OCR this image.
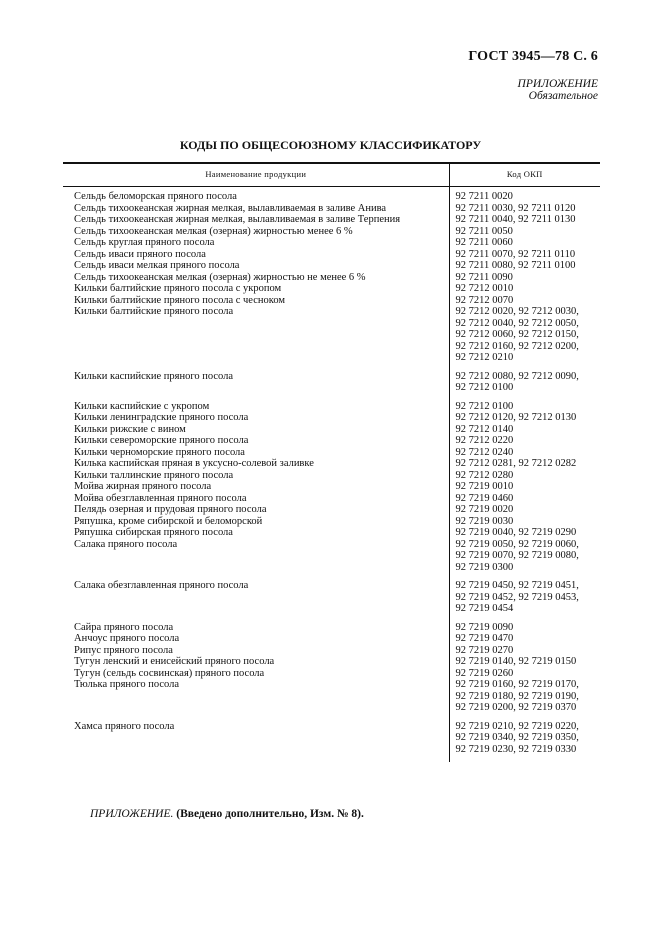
ГОСТ 3945—78 С. 6
ПРИЛОЖЕНИЕ
Обязательное
КОДЫ ПО ОБЩЕСОЮЗНОМУ КЛАССИФИКАТОРУ
Наименование продукции	Код ОКП
Сельдь беломорская пряного посола	92 7211 0020

Сельдь тихоокеанская жирная мелкая, вылавливаемая в заливе Анива	92 7211 0030, 92 7211 0120

Сельдь тихоокеанская жирная мелкая, вылавливаемая в заливе Терпения	92 7211 0040, 92 7211 0130

Сельдь тихоокеанская мелкая (озерная) жирностью менее 6 %	92 7211 0050

Сельдь круглая пряного посола	92 7211 0060

Сельдь иваси пряного посола	92 7211 0070, 92 7211 0110

Сельдь иваси мелкая пряного посола	92 7211 0080, 92 7211 0100

Сельдь тихоокеанская мелкая (озерная) жирностью не менее 6 %	92 7211 0090

Кильки балтийские пряного посола с укропом	92 7212 0010

Кильки балтийские пряного посола с чесноком	92 7212 0070

Кильки балтийские пряного посола	92 7212 0020, 92 7212 0030,
92 7212 0040, 92 7212 0050,
92 7212 0060, 92 7212 0150,
92 7212 0160, 92 7212 0200,
92 7212 0210

Кильки каспийские пряного посола	92 7212 0080, 92 7212 0090,
92 7212 0100

Кильки каспийские с укропом	92 7212 0100

Кильки ленинградские пряного посола	92 7212 0120, 92 7212 0130

Кильки рижские с вином	92 7212 0140

Кильки североморские пряного посола	92 7212 0220

Кильки черноморские пряного посола	92 7212 0240

Килька каспийская пряная в уксусно-солевой заливке	92 7212 0281, 92 7212 0282

Кильки таллинские пряного посола	92 7212 0280

Мойва жирная пряного посола	92 7219 0010

Мойва обезглавленная пряного посола	92 7219 0460

Пелядь озерная и прудовая пряного посола	92 7219 0020

Ряпушка, кроме сибирской и беломорской	92 7219 0030

Ряпушка сибирская пряного посола	92 7219 0040, 92 7219 0290

Салака пряного посола	92 7219 0050, 92 7219 0060,
92 7219 0070, 92 7219 0080,
92 7219 0300

Салака обезглавленная пряного посола	92 7219 0450, 92 7219 0451,
92 7219 0452, 92 7219 0453,
92 7219 0454

Сайра пряного посола	92 7219 0090

Анчоус пряного посола	92 7219 0470

Рипус пряного посола	92 7219 0270

Тугун ленский и енисейский пряного посола	92 7219 0140, 92 7219 0150

Тугун (сельдь сосвинская) пряного посола	92 7219 0260

Тюлька пряного посола	92 7219 0160, 92 7219 0170,
92 7219 0180, 92 7219 0190,
92 7219 0200, 92 7219 0370

Хамса пряного посола	92 7219 0210, 92 7219 0220,
92 7219 0340, 92 7219 0350,
92 7219 0230, 92 7219 0330
ПРИЛОЖЕНИЕ. (Введено дополнительно, Изм. № 8).
